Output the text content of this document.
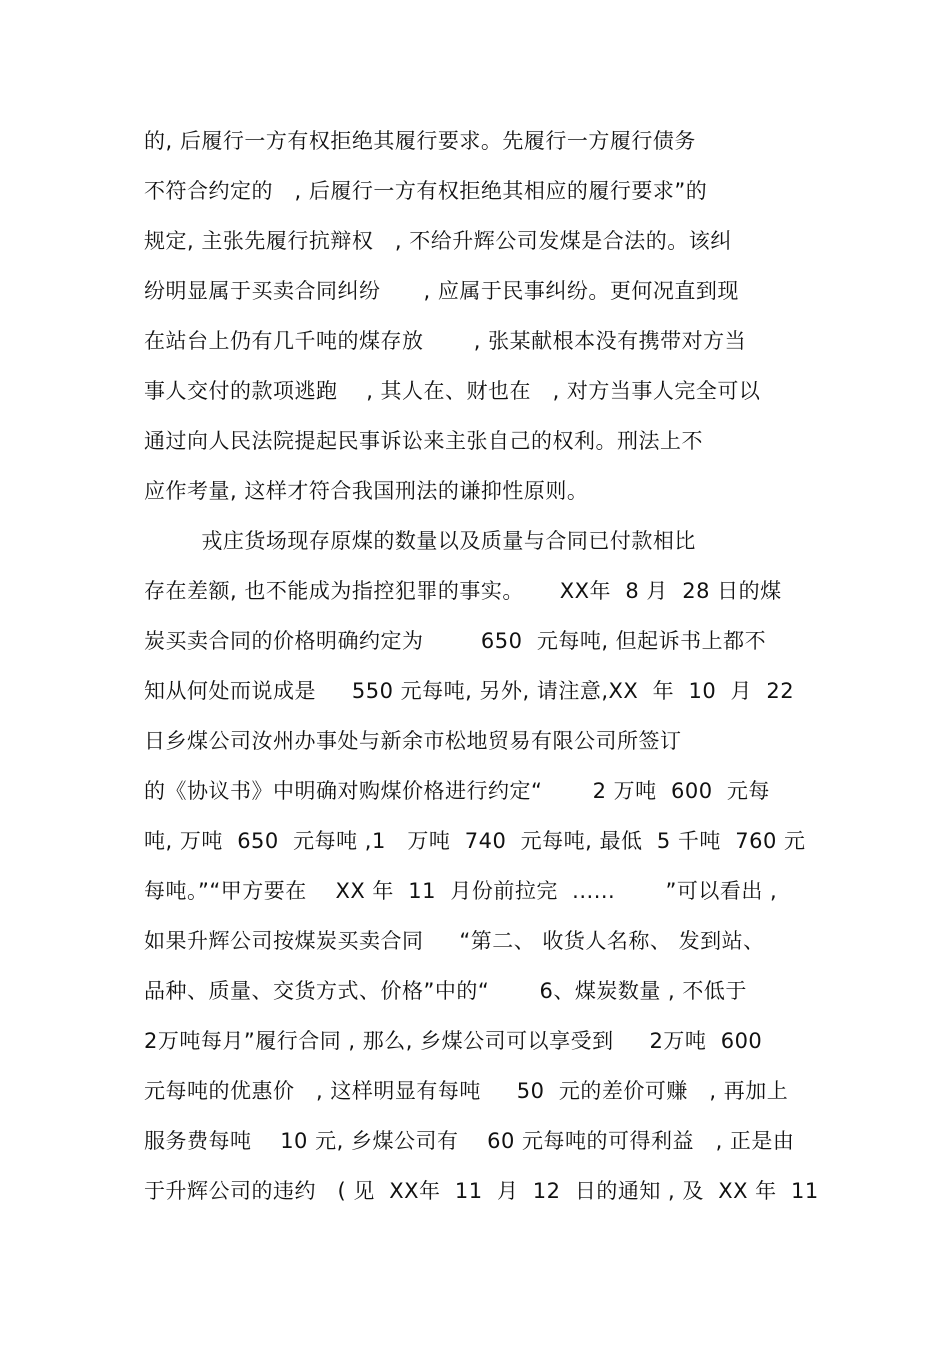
的, 后履行一方有权拒绝其履行要求。先履行一方履行债务
不符合约定的   , 后履行一方有权拒绝其相应的履行要求”的
规定, 主张先履行抗辩权   , 不给升辉公司发煤是合法的。该纠
纷明显属于买卖合同纠纷      , 应属于民事纠纷。更何况直到现
在站台上仍有几千吨的煤存放       , 张某献根本没有携带对方当
事人交付的款项逃跑    , 其人在、财也在   , 对方当事人完全可以
通过向人民法院提起民事诉讼来主张自己的权利。刑法上不
应作考量, 这样才符合我国刑法的谦抑性原则。
戎庄货场现存原煤的数量以及质量与合同已付款相比
存在差额, 也不能成为指控犯罪的事实。     XX年  8 月  28 日的煤
炭买卖合同的价格明确约定为        650  元每吨, 但起诉书上都不
知从何处而说成是     550 元每吨, 另外, 请注意,XX  年  10  月  22
日乡煤公司汝州办事处与新余市松地贸易有限公司所签订
的《协议书》中明确对购煤价格进行约定“       2 万吨  600  元每
吨, 万吨  650  元每吨 ,1   万吨  740  元每吨, 最低  5 千吨  760 元
每吨。”“甲方要在    XX 年  11  月份前拉完  ......       ”可以看出 ,
如果升辉公司按煤炭买卖合同     “第二、 收货人名称、 发到站、
品种、质量、交货方式、价格”中的“       6、煤炭数量 , 不低于
2万吨每月”履行合同 , 那么, 乡煤公司可以享受到     2万吨  600
元每吨的优惠价   , 这样明显有每吨     50  元的差价可赚   , 再加上
服务费每吨    10 元, 乡煤公司有    60 元每吨的可得利益   , 正是由
于升辉公司的违约   ( 见  XX年  11  月  12  日的通知 , 及  XX 年  11
